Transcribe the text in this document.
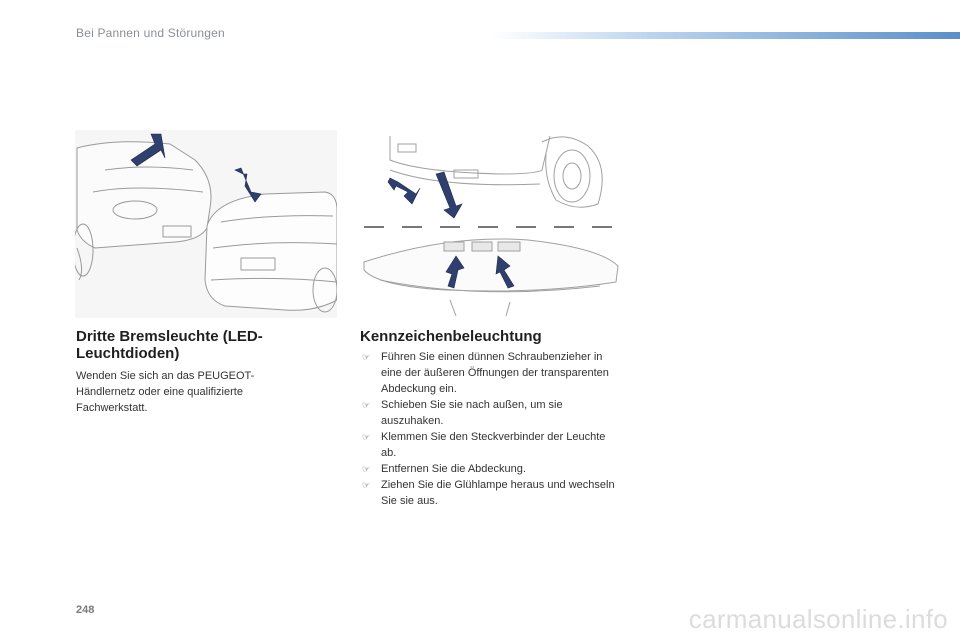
Bei Pannen und Störungen
Dritte Bremsleuchte (LED-Leuchtdioden)

Wenden Sie sich an das PEUGEOT-Händlernetz oder eine qualifizierte Fachwerkstatt.

Kennzeichenbeleuchtung
☞ Führen Sie einen dünnen Schraubenzieher in eine der äußeren Öffnungen der transparenten Abdeckung ein.
☞ Schieben Sie sie nach außen, um sie auszuhaken.
☞ Klemmen Sie den Steckverbinder der Leuchte ab.
☞ Entfernen Sie die Abdeckung.
☞ Ziehen Sie die Glühlampe heraus und wechseln Sie sie aus.
248	carmanualsonline.info
